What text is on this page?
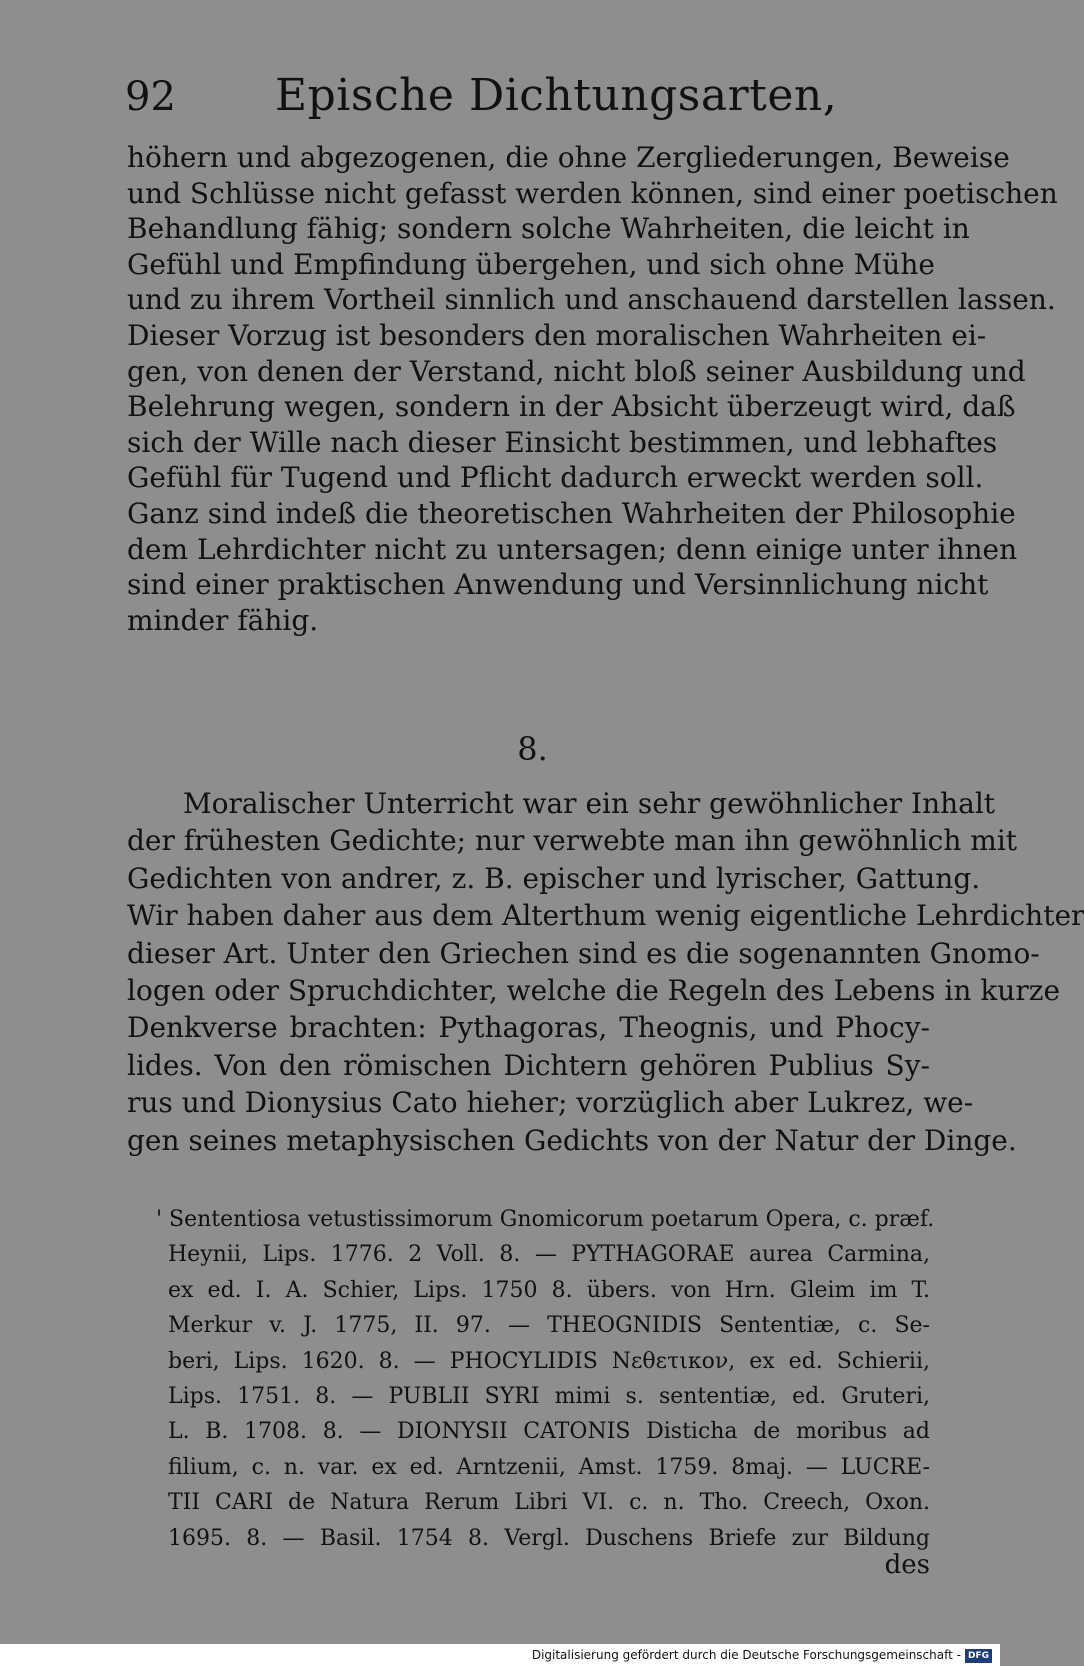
92 Epische Dichtungsarten,
höhern und abgezogenen, die ohne Zergliederungen, Beweise
und Schlüsse nicht gefasst werden können, sind einer poetischen
Behandlung fähig; sondern solche Wahrheiten, die leicht in
Gefühl und Empfindung übergehen, und sich ohne Mühe
und zu ihrem Vortheil sinnlich und anschauend darstellen lassen.
Dieser Vorzug ist besonders den moralischen Wahrheiten ei-
gen, von denen der Verstand, nicht bloß seiner Ausbildung und
Belehrung wegen, sondern in der Absicht überzeugt wird, daß
sich der Wille nach dieser Einsicht bestimmen, und lebhaftes
Gefühl für Tugend und Pflicht dadurch erweckt werden soll.
Ganz sind indeß die theoretischen Wahrheiten der Philosophie
dem Lehrdichter nicht zu untersagen; denn einige unter ihnen
sind einer praktischen Anwendung und Versinnlichung nicht
minder fähig.
8.
Moralischer Unterricht war ein sehr gewöhnlicher Inhalt
der frühesten Gedichte; nur verwebte man ihn gewöhnlich mit
Gedichten von andrer, z. B. epischer und lyrischer, Gattung.
Wir haben daher aus dem Alterthum wenig eigentliche Lehrdichter
dieser Art. Unter den Griechen sind es die sogenannten Gnomo-
logen oder Spruchdichter, welche die Regeln des Lebens in kurze
Denkverse brachten: Pythagoras, Theognis, und Phocy-
lides. Von den römischen Dichtern gehören Publius Sy-
rus und Dionysius Cato hieher; vorzüglich aber Lukrez, we-
gen seines metaphysischen Gedichts von der Natur der Dinge.
' Sententiosa vetustissimorum Gnomicorum poetarum Opera, c. præf.
Heynii, Lips. 1776. 2 Voll. 8. — PYTHAGORAE aurea Carmina,
ex ed. I. A. Schier, Lips. 1750 8. übers. von Hrn. Gleim im T.
Merkur v. J. 1775, II. 97. — THEOGNIDIS Sententiæ, c. Se-
beri, Lips. 1620. 8. — PHOCYLIDIS Νεθετικον, ex ed. Schierii,
Lips. 1751. 8. — PUBLII SYRI mimi s. sententiæ, ed. Gruteri,
L. B. 1708. 8. — DIONYSII CATONIS Disticha de moribus ad
filium, c. n. var. ex ed. Arntzenii, Amst. 1759. 8maj. — LUCRE-
TII CARI de Natura Rerum Libri VI. c. n. Tho. Creech, Oxon.
1695. 8. — Basil. 1754 8. Vergl. Duschens Briefe zur Bildung
des
Digitalisierung gefördert durch die Deutsche Forschungsgemeinschaft - DFG
